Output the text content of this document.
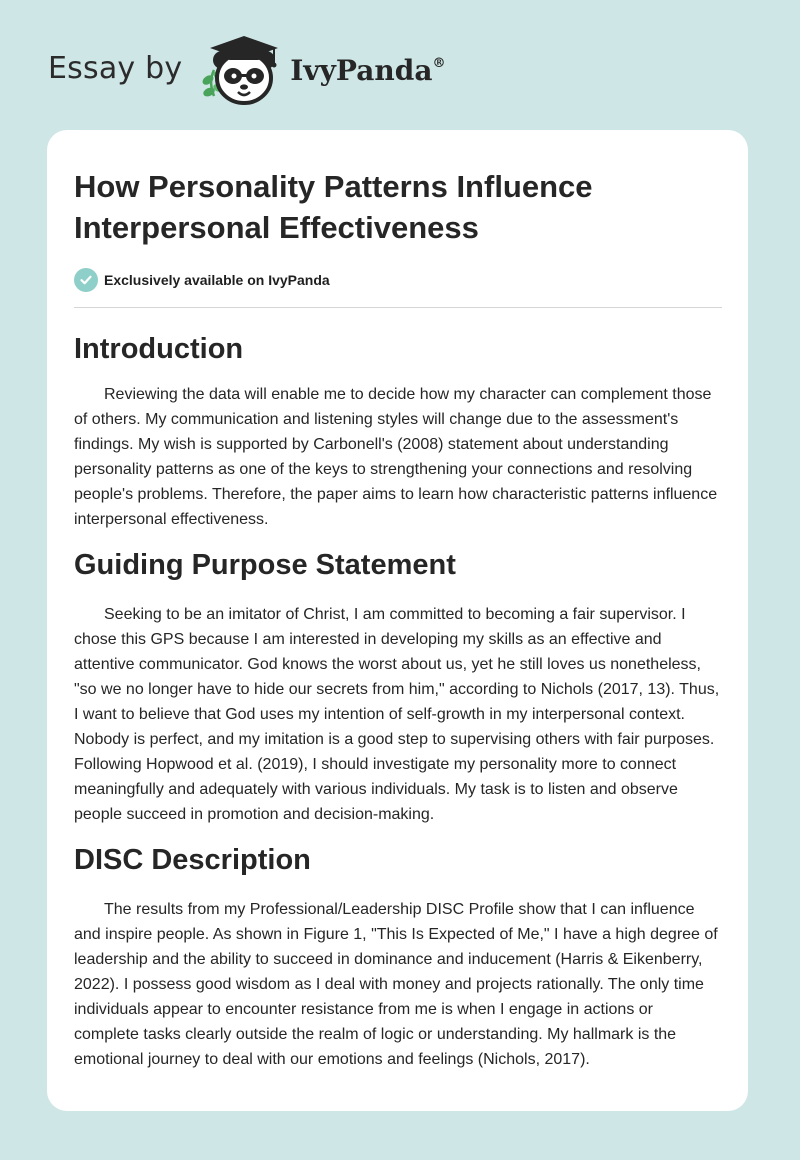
Essay by	IvyPanda®
How Personality Patterns Influence Interpersonal Effectiveness
Exclusively available on IvyPanda
Introduction

Reviewing the data will enable me to decide how my character can complement those of others. My communication and listening styles will change due to the assessment's findings. My wish is supported by Carbonell's (2008) statement about understanding personality patterns as one of the keys to strengthening your connections and resolving people's problems. Therefore, the paper aims to learn how characteristic patterns influence interpersonal effectiveness.

Guiding Purpose Statement

Seeking to be an imitator of Christ, I am committed to becoming a fair supervisor. I chose this GPS because I am interested in developing my skills as an effective and attentive communicator. God knows the worst about us, yet he still loves us nonetheless, "so we no longer have to hide our secrets from him," according to Nichols (2017, 13). Thus, I want to believe that God uses my intention of self-growth in my interpersonal context. Nobody is perfect, and my imitation is a good step to supervising others with fair purposes. Following Hopwood et al. (2019), I should investigate my personality more to connect meaningfully and adequately with various individuals. My task is to listen and observe people succeed in promotion and decision-making.

DISC Description

The results from my Professional/Leadership DISC Profile show that I can influence and inspire people. As shown in Figure 1, "This Is Expected of Me," I have a high degree of leadership and the ability to succeed in dominance and inducement (Harris & Eikenberry, 2022). I possess good wisdom as I deal with money and projects rationally. The only time individuals appear to encounter resistance from me is when I engage in actions or complete tasks clearly outside the realm of logic or understanding. My hallmark is the emotional journey to deal with our emotions and feelings (Nichols, 2017).
